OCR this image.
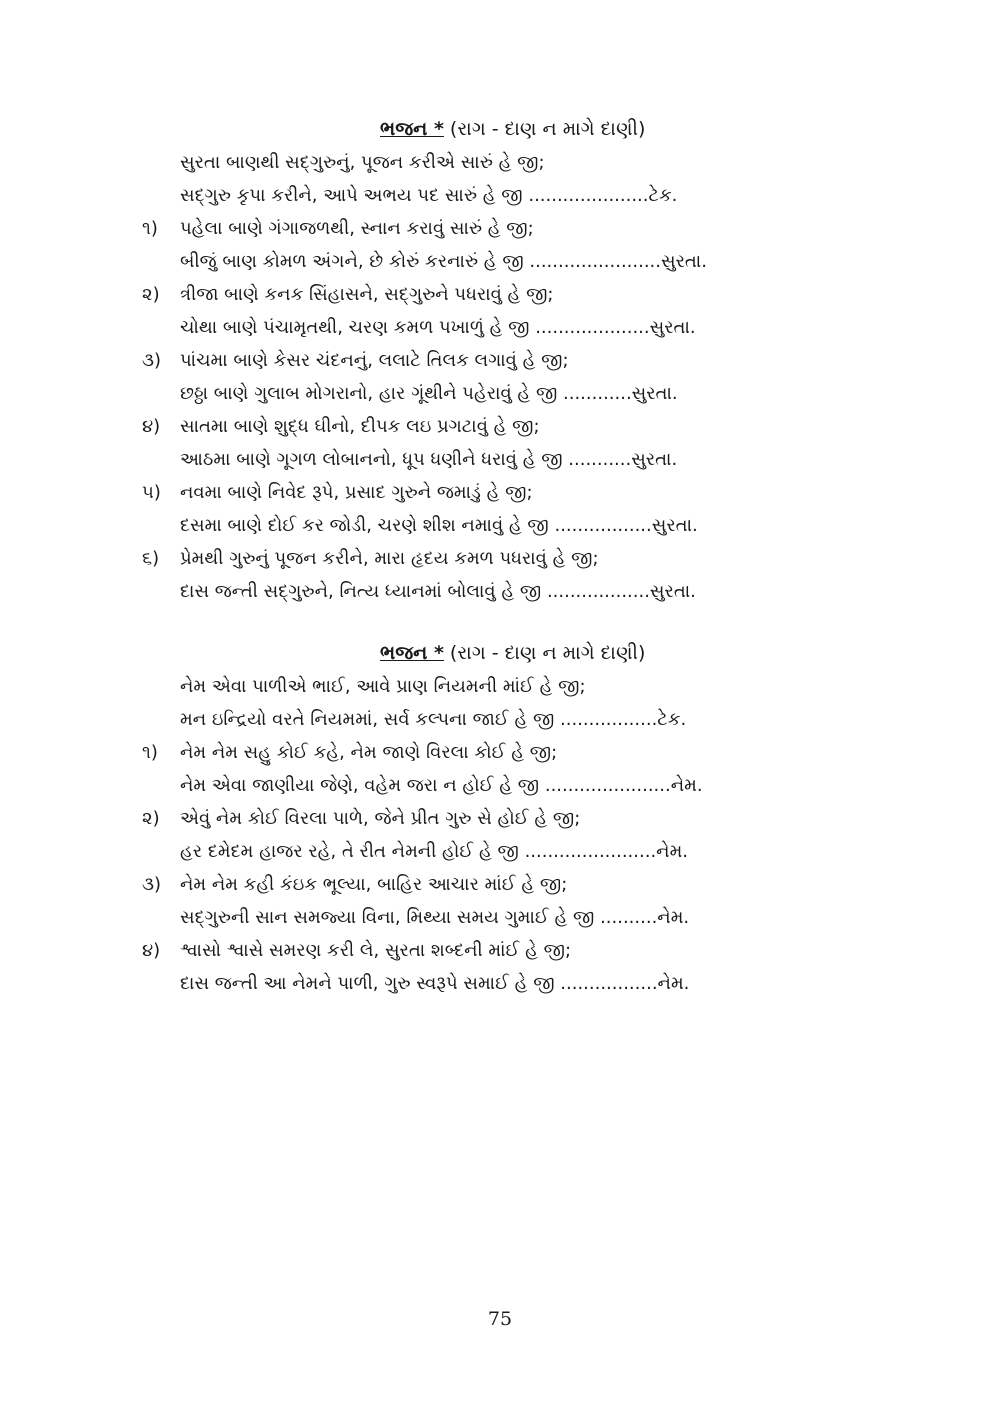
ભજન * (રાગ - દાણ ન માગે દાણી)
સુરતા બાણથી સદ્ગુરુનું, પૂજન કરીએ સારું હે જી;
સદ્ગુરુ કૃપા કરીને, આપે અભય પદ સારું હે જી .....................ટેક.
૧)	પહેલા બાણે ગંગાજળથી, સ્નાન કરાવું સારું હે જી;
બીજું બાણ કોમળ અંગને, છે કોરું કરનારું હે જી .......................સુરતા.
૨)	ત્રીજા બાણે કનક સિંહાસને, સદ્ગુરુને પધરાવું હે જી;
ચોથા બાણે પંચામૃતથી, ચરણ કમળ પખાળું હે જી ....................સુરતા.
૩)	પાંચમા બાણે કેસર ચંદનનું, લલાટે તિલક લગાવું હે જી;
છઠ્ઠા બાણે ગુલાબ મોગરાનો, હાર ગૂંથીને પહેરાવું હે જી ............સુરતા.
૪)	સાતમા બાણે શુદ્ધ ઘીનો, દીપક લઇ પ્રગટાવું હે જી;
આઠમા બાણે ગૂગળ લોબાનનો, ધૂપ ધણીને ધરાવું હે જી ...........સુરતા.
૫)	નવમા બાણે નિવેદ રૂપે, પ્રસાદ ગુરુને જમાડું હે જી;
દસમા બાણે દોઈ કર જોડી, ચરણે શીશ નમાવું હે જી .................સુરતા.
૬)	પ્રેમથી ગુરુનું પૂજન કરીને, મારા હૃદય કમળ પધરાવું હે જી;
દાસ જન્તી સદ્ગુરુને, નિત્ય ધ્યાનમાં બોલાવું હે જી ..................સુરતા.
ભજન * (રાગ - દાણ ન માગે દાણી)
નેમ એવા પાળીએ ભાઈ, આવે પ્રાણ નિયમની માંઈ હે જી;
મન ઇન્દ્રિયો વરતે નિયમમાં, સર્વ કલ્પના જાઈ હે જી .................ટેક.
૧)	નેમ નેમ સહુ કોઈ કહે, નેમ જાણે વિરલા કોઈ હે જી;
નેમ એવા જાણીયા જેણે, વહેમ જરા ન હોઈ હે જી ......................નેમ.
૨)	એવું નેમ કોઈ વિરલા પાળે, જેને પ્રીત ગુરુ સે હોઈ હે જી;
હર દમેદમ હાજર રહે, તે રીત નેમની હોઈ હે જી .......................નેમ.
૩)	નેમ નેમ કહી કંઇક ભૂલ્યા, બાહિર આચાર માંઈ હે જી;
સદ્ગુરુની સાન સમજ્યા વિના, મિથ્યા સમય ગુમાઈ હે જી ..........નેમ.
૪)	શ્વાસો શ્વાસે સમરણ કરી લે, સુરતા શબ્દની માંઈ હે જી;
દાસ જન્તી આ નેમને પાળી, ગુરુ સ્વરૂપે સમાઈ હે જી .................નેમ.
75
